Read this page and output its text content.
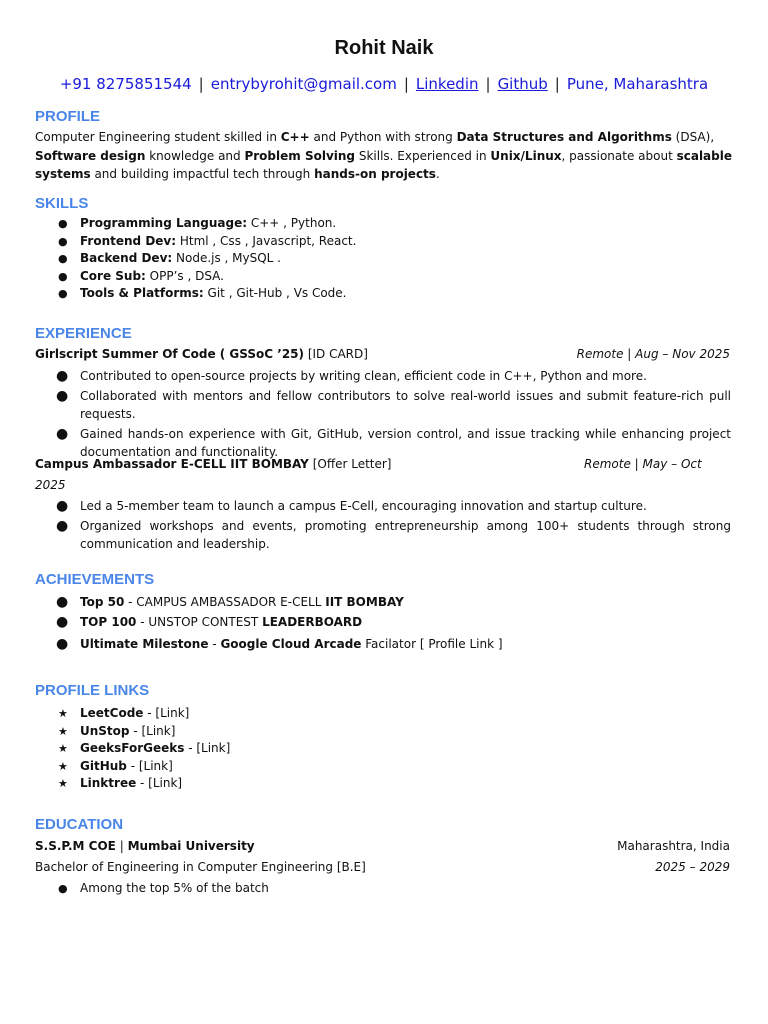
Rohit Naik
+91 8275851544 | entrybyrohit@gmail.com | Linkedin | Github | Pune, Maharashtra
PROFILE
Computer Engineering student skilled in C++ and Python with strong Data Structures and Algorithms (DSA), Software design knowledge and Problem Solving Skills. Experienced in Unix/Linux, passionate about scalable systems and building impactful tech through hands-on projects.
SKILLS
● Programming Language: C++ , Python.
● Frontend Dev: Html , Css , Javascript, React.
● Backend Dev: Node.js , MySQL .
● Core Sub: OPP’s , DSA.
● Tools & Platforms: Git , Git-Hub , Vs Code.
EXPERIENCE
Girlscript Summer Of Code ( GSSoC ’25) [ID CARD]	Remote | Aug – Nov 2025
● Contributed to open-source projects by writing clean, efficient code in C++, Python and more.
● Collaborated with mentors and fellow contributors to solve real-world issues and submit feature-rich pull requests.
● Gained hands-on experience with Git, GitHub, version control, and issue tracking while enhancing project documentation and functionality.
Campus Ambassador E-CELL IIT BOMBAY [Offer Letter]	Remote | May – Oct
2025
● Led a 5-member team to launch a campus E-Cell, encouraging innovation and startup culture.
● Organized workshops and events, promoting entrepreneurship among 100+ students through strong communication and leadership.
ACHIEVEMENTS
● Top 50 - CAMPUS AMBASSADOR E-CELL IIT BOMBAY
● TOP 100 - UNSTOP CONTEST LEADERBOARD
● Ultimate Milestone - Google Cloud Arcade Facilator [ Profile Link ]
PROFILE LINKS
★ LeetCode - [Link]
★ UnStop - [Link]
★ GeeksForGeeks - [Link]
★ GitHub - [Link]
★ Linktree - [Link]
EDUCATION
S.S.P.M COE | Mumbai University	Maharashtra, India
Bachelor of Engineering in Computer Engineering [B.E]	2025 – 2029
● Among the top 5% of the batch
